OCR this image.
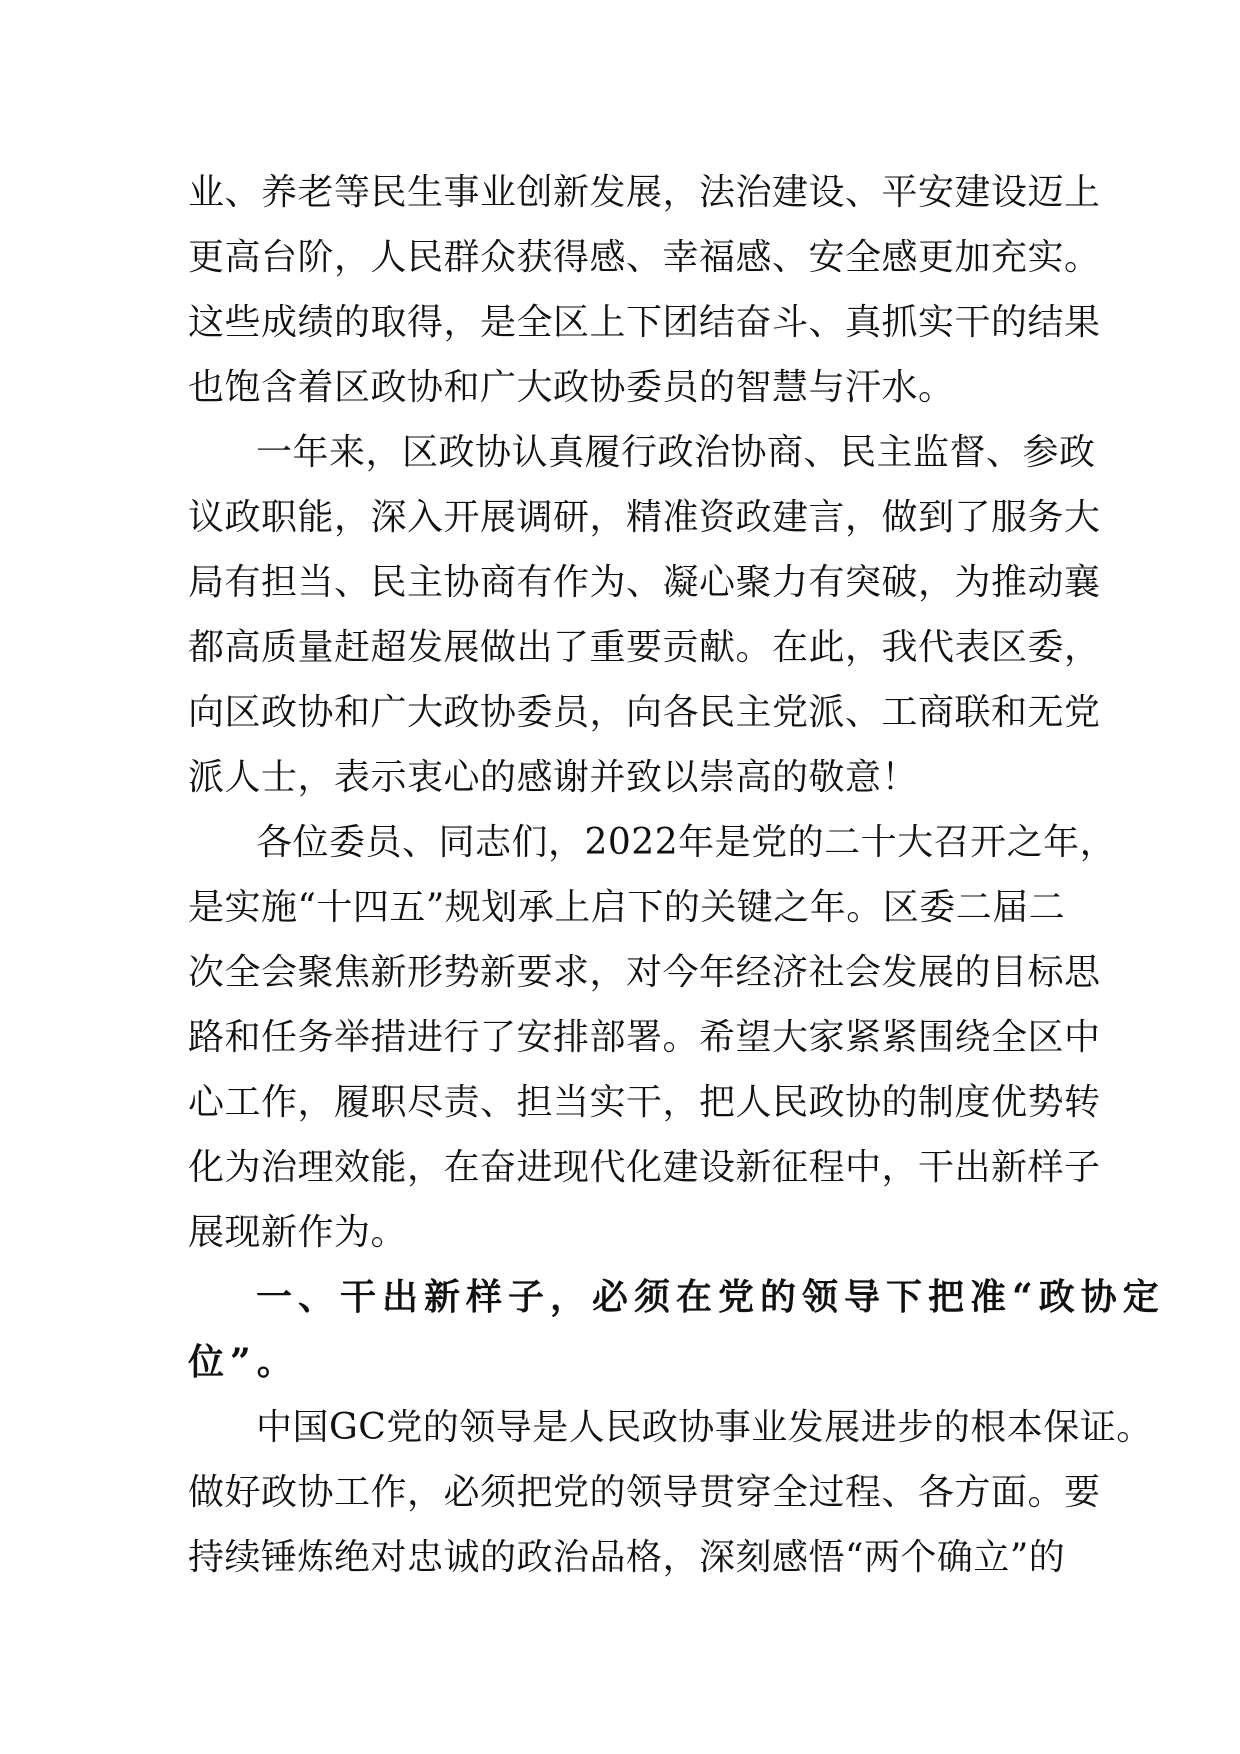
业、养老等民生事业创新发展，法治建设、平安建设迈上
更高台阶，人民群众获得感、幸福感、安全感更加充实。
这些成绩的取得，是全区上下团结奋斗、真抓实干的结果
也饱含着区政协和广大政协委员的智慧与汗水。
一年来，区政协认真履行政治协商、民主监督、参政
议政职能，深入开展调研，精准资政建言，做到了服务大
局有担当、民主协商有作为、凝心聚力有突破，为推动襄
都高质量赶超发展做出了重要贡献。在此，我代表区委，
向区政协和广大政协委员，向各民主党派、工商联和无党
派人士，表示衷心的感谢并致以崇高的敬意！
各位委员、同志们，2022年是党的二十大召开之年，
是实施“十四五”规划承上启下的关键之年。区委二届二
次全会聚焦新形势新要求，对今年经济社会发展的目标思
路和任务举措进行了安排部署。希望大家紧紧围绕全区中
心工作，履职尽责、担当实干，把人民政协的制度优势转
化为治理效能，在奋进现代化建设新征程中，干出新样子
展现新作为。
一、干出新样子，必须在党的领导下把准“政协定
位”。
中国GC党的领导是人民政协事业发展进步的根本保证。
做好政协工作，必须把党的领导贯穿全过程、各方面。要
持续锤炼绝对忠诚的政治品格，深刻感悟“两个确立”的
